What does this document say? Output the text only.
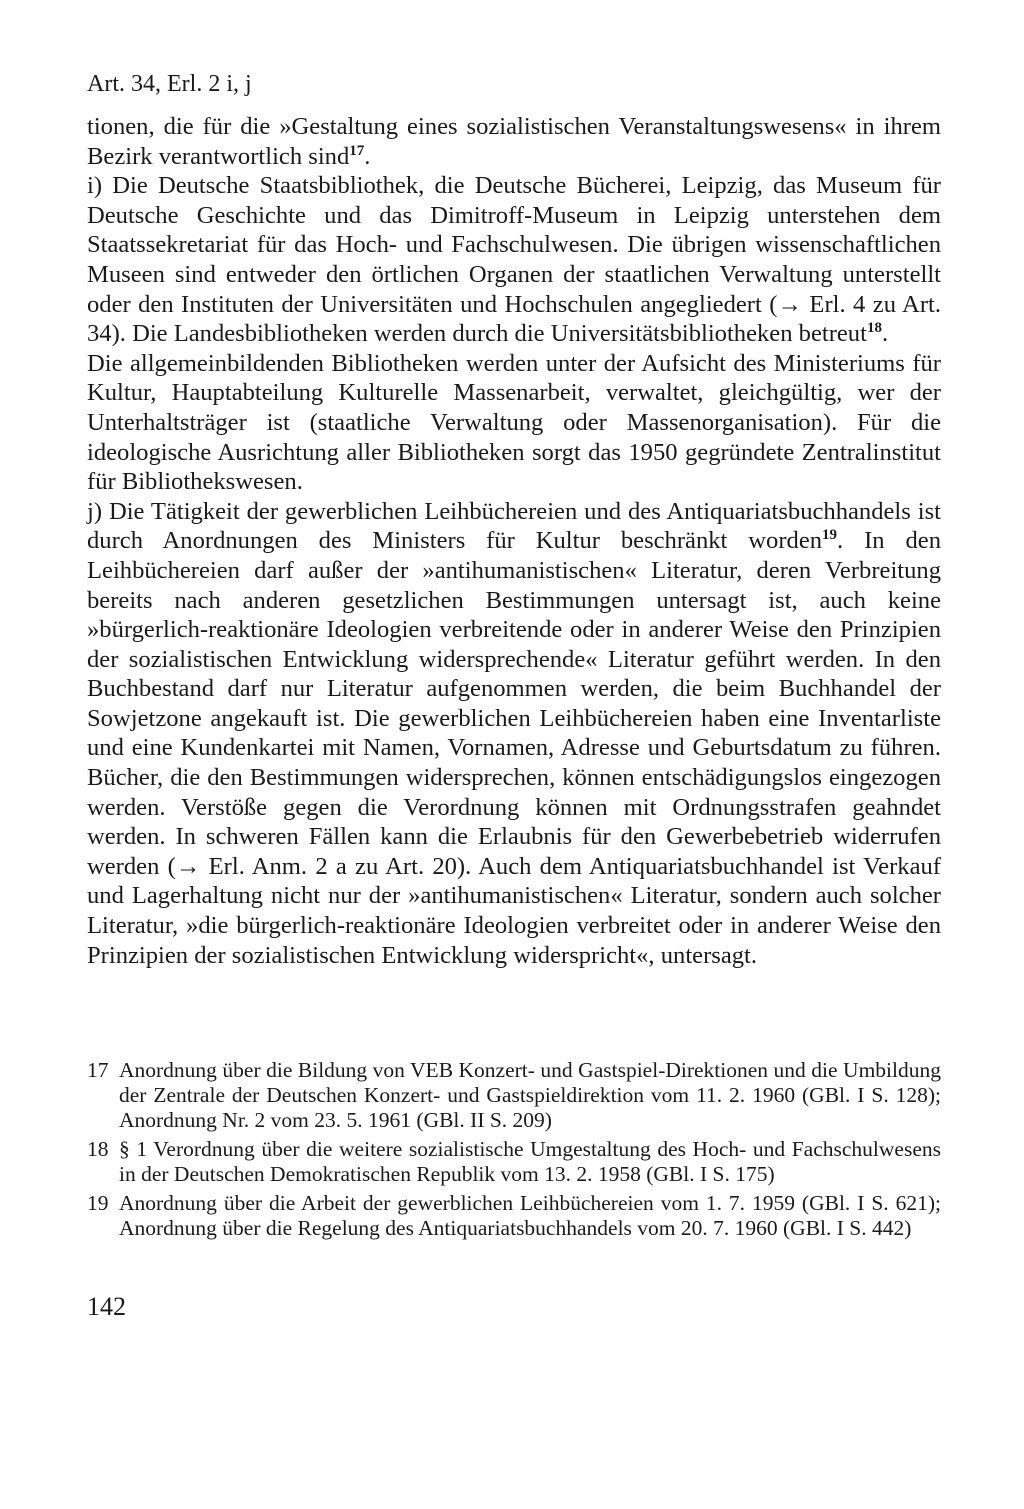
Art. 34, Erl. 2 i, j

tionen, die für die »Gestaltung eines sozialistischen Veranstaltungswesens« in ihrem Bezirk verantwortlich sind$^{17}$.

i) Die Deutsche Staatsbibliothek, die Deutsche Bücherei, Leipzig, das Museum für Deutsche Geschichte und das Dimitroff-Museum in Leipzig unterstehen dem Staatssekretariat für das Hoch- und Fachschulwesen. Die übrigen wissenschaftlichen Museen sind entweder den örtlichen Organen der staatlichen Verwaltung unterstellt oder den Instituten der Universitäten und Hochschulen angegliedert (→ Erl. 4 zu Art. 34). Die Landesbibliotheken werden durch die Universitätsbibliotheken betreut$^{18}$.

Die allgemeinbildenden Bibliotheken werden unter der Aufsicht des Ministeriums für Kultur, Hauptabteilung Kulturelle Massenarbeit, verwaltet, gleichgültig, wer der Unterhaltsträger ist (staatliche Verwaltung oder Massenorganisation). Für die ideologische Ausrichtung aller Bibliotheken sorgt das 1950 gegründete Zentralinstitut für Bibliothekswesen.

j) Die Tätigkeit der gewerblichen Leihbüchereien und des Antiquariatsbuchhandels ist durch Anordnungen des Ministers für Kultur beschränkt worden$^{19}$. In den Leihbüchereien darf außer der »antihumanistischen« Literatur, deren Verbreitung bereits nach anderen gesetzlichen Bestimmungen untersagt ist, auch keine »bürgerlich-reaktionäre Ideologien verbreitende oder in anderer Weise den Prinzipien der sozialistischen Entwicklung widersprechende« Literatur geführt werden. In den Buchbestand darf nur Literatur aufgenommen werden, die beim Buchhandel der Sowjetzone angekauft ist. Die gewerblichen Leihbüchereien haben eine Inventarliste und eine Kundenkartei mit Namen, Vornamen, Adresse und Geburtsdatum zu führen. Bücher, die den Bestimmungen widersprechen, können entschädigungslos eingezogen werden. Verstöße gegen die Verordnung können mit Ordnungsstrafen geahndet werden. In schweren Fällen kann die Erlaubnis für den Gewerbebetrieb widerrufen werden (→ Erl. Anm. 2 a zu Art. 20). Auch dem Antiquariatsbuchhandel ist Verkauf und Lagerhaltung nicht nur der »antihumanistischen« Literatur, sondern auch solcher Literatur, »die bürgerlich-reaktionäre Ideologien verbreitet oder in anderer Weise den Prinzipien der sozialistischen Entwicklung widerspricht«, untersagt.

17 Anordnung über die Bildung von VEB Konzert- und Gastspiel-Direktionen und die Umbildung der Zentrale der Deutschen Konzert- und Gastspieldirektion vom 11. 2. 1960 (GBl. I S. 128); Anordnung Nr. 2 vom 23. 5. 1961 (GBl. II S. 209)
18 § 1 Verordnung über die weitere sozialistische Umgestaltung des Hoch- und Fachschulwesens in der Deutschen Demokratischen Republik vom 13. 2. 1958 (GBl. I S. 175)
19 Anordnung über die Arbeit der gewerblichen Leihbüchereien vom 1. 7. 1959 (GBl. I S. 621); Anordnung über die Regelung des Antiquariatsbuchhandels vom 20. 7. 1960 (GBl. I S. 442)
142
